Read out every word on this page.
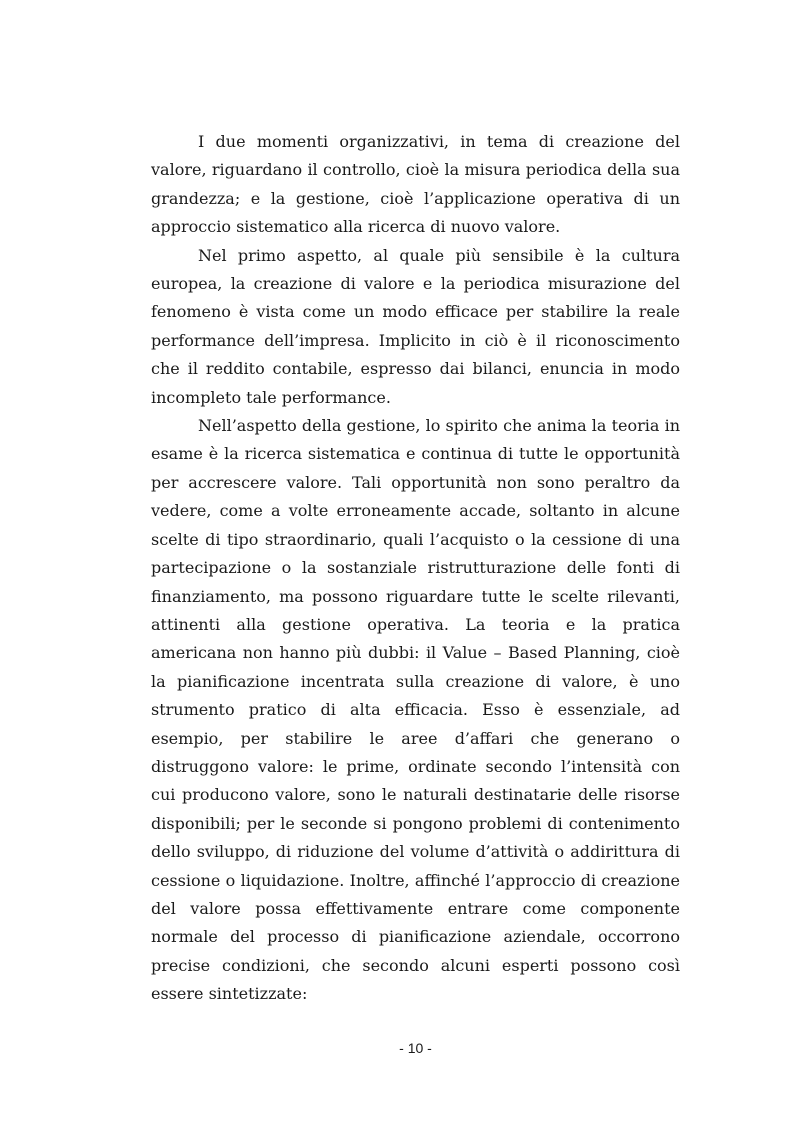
I due momenti organizzativi, in tema di creazione del valore, riguardano il controllo, cioè la misura periodica della sua grandezza; e la gestione, cioè l’applicazione operativa di un approccio sistematico alla ricerca di nuovo valore.

Nel primo aspetto, al quale più sensibile è la cultura europea, la creazione di valore e la periodica misurazione del fenomeno è vista come un modo efficace per stabilire la reale performance dell’impresa. Implicito in ciò è il riconoscimento che il reddito contabile, espresso dai bilanci, enuncia in modo incompleto tale performance.

Nell’aspetto della gestione, lo spirito che anima la teoria in esame è la ricerca sistematica e continua di tutte le opportunità per accrescere valore. Tali opportunità non sono peraltro da vedere, come a volte erroneamente accade, soltanto in alcune scelte di tipo straordinario, quali l’acquisto o la cessione di una partecipazione o la sostanziale ristrutturazione delle fonti di finanziamento, ma possono riguardare tutte le scelte rilevanti, attinenti alla gestione operativa. La teoria e la pratica americana non hanno più dubbi: il Value – Based Planning, cioè la pianificazione incentrata sulla creazione di valore, è uno strumento pratico di alta efficacia. Esso è essenziale, ad esempio, per stabilire le aree d’affari che generano o distruggono valore: le prime, ordinate secondo l’intensità con cui producono valore, sono le naturali destinatarie delle risorse disponibili; per le seconde si pongono problemi di contenimento dello sviluppo, di riduzione del volume d’attività o addirittura di cessione o liquidazione. Inoltre, affinché l’approccio di creazione del valore possa effettivamente entrare come componente normale del processo di pianificazione aziendale, occorrono precise condizioni, che secondo alcuni esperti possono così essere sintetizzate:

- 10 -
